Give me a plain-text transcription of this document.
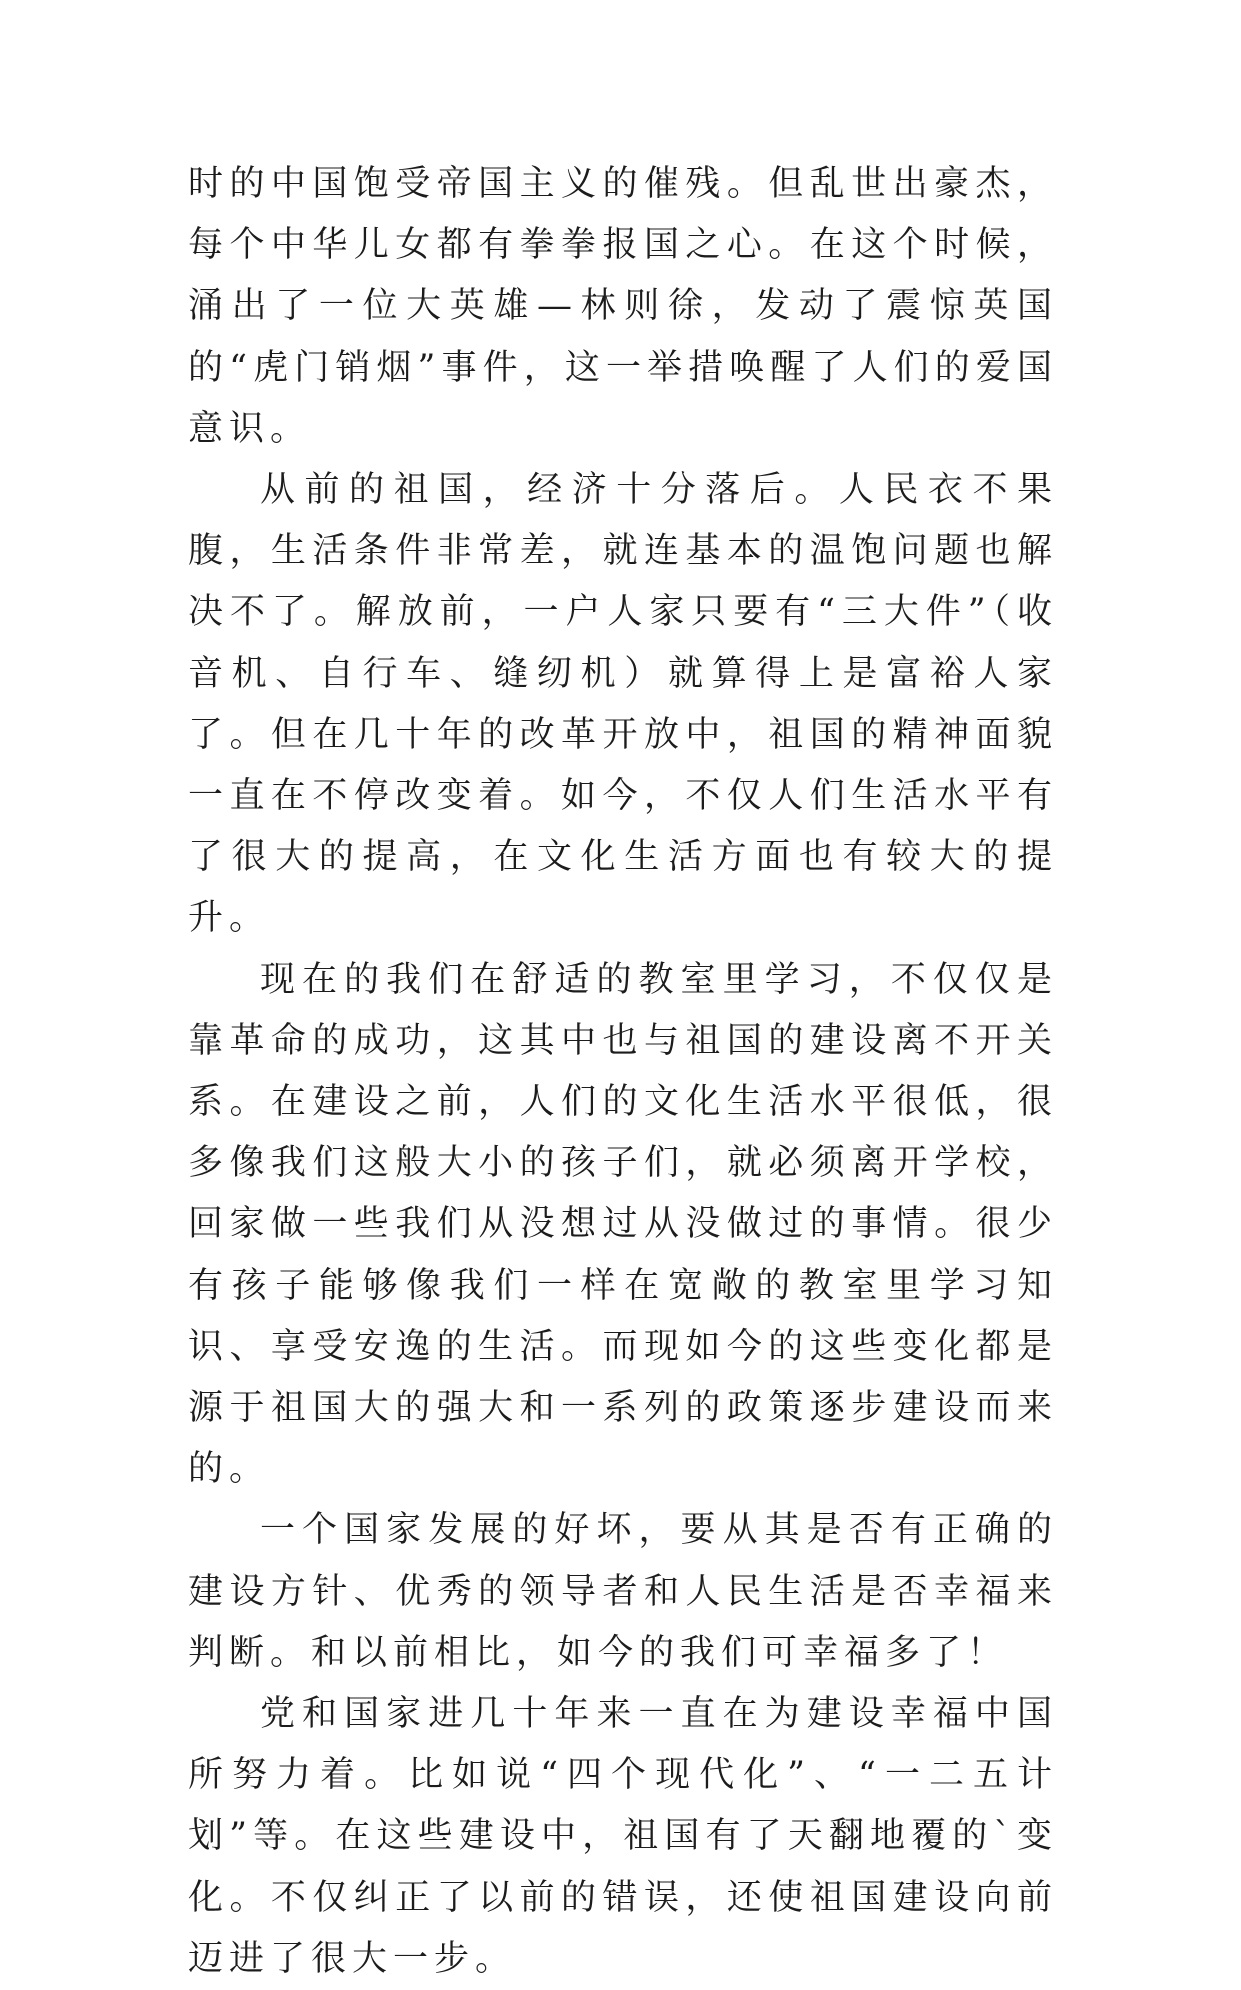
时的中国饱受帝国主义的催残。但乱世出豪杰，每个中华儿女都有拳拳报国之心。在这个时候，涌出了一位大英雄—林则徐，发动了震惊英国的“虎门销烟”事件，这一举措唤醒了人们的爱国意识。

从前的祖国，经济十分落后。人民衣不果腹，生活条件非常差，就连基本的温饱问题也解决不了。解放前，一户人家只要有“三大件”（收音机、自行车、缝纫机）就算得上是富裕人家了。但在几十年的改革开放中，祖国的精神面貌一直在不停改变着。如今，不仅人们生活水平有了很大的提高，在文化生活方面也有较大的提升。

现在的我们在舒适的教室里学习，不仅仅是靠革命的成功，这其中也与祖国的建设离不开关系。在建设之前，人们的文化生活水平很低，很多像我们这般大小的孩子们，就必须离开学校，回家做一些我们从没想过从没做过的事情。很少有孩子能够像我们一样在宽敞的教室里学习知识、享受安逸的生活。而现如今的这些变化都是源于祖国大的强大和一系列的政策逐步建设而来的。

一个国家发展的好坏，要从其是否有正确的建设方针、优秀的领导者和人民生活是否幸福来判断。和以前相比，如今的我们可幸福多了！

党和国家进几十年来一直在为建设幸福中国所努力着。比如说“四个现代化”、“一二五计划”等。在这些建设中，祖国有了天翻地覆的`变化。不仅纠正了以前的错误，还使祖国建设向前迈进了很大一步。
